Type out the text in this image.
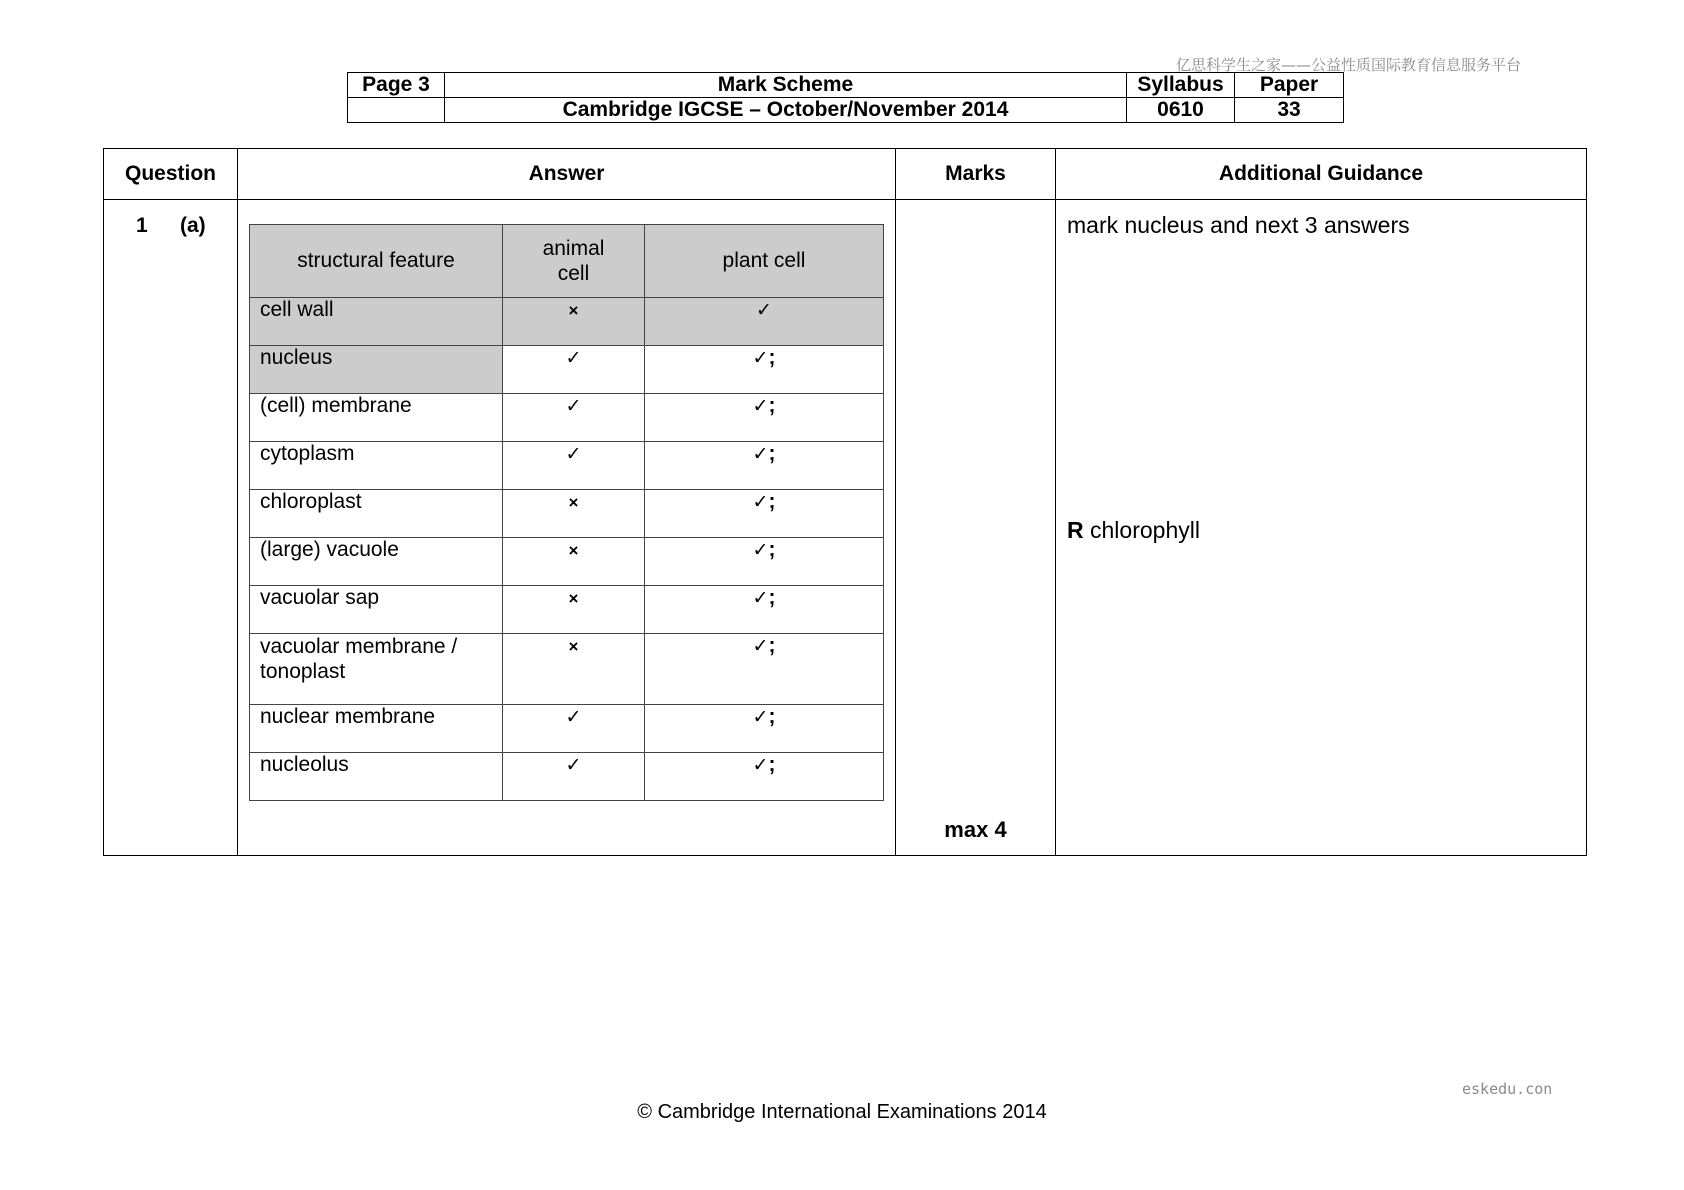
亿思科学生之家——公益性质国际教育信息服务平台
Page 3	Mark Scheme	Syllabus	Paper
	Cambridge IGCSE – October/November 2014	0610	33
Question	Answer	Marks	Additional Guidance

1	(a)

structural feature	animal cell	plant cell
cell wall	×	✓
nucleus	✓	✓;
(cell) membrane	✓	✓;
cytoplasm	✓	✓;
chloroplast	×	✓;
(large) vacuole	×	✓;
vacuolar sap	×	✓;
vacuolar membrane / tonoplast	×	✓;
nuclear membrane	✓	✓;
nucleolus	✓	✓;

max 4

mark nucleus and next 3 answers
R chlorophyll
eskedu.con
© Cambridge International Examinations 2014
